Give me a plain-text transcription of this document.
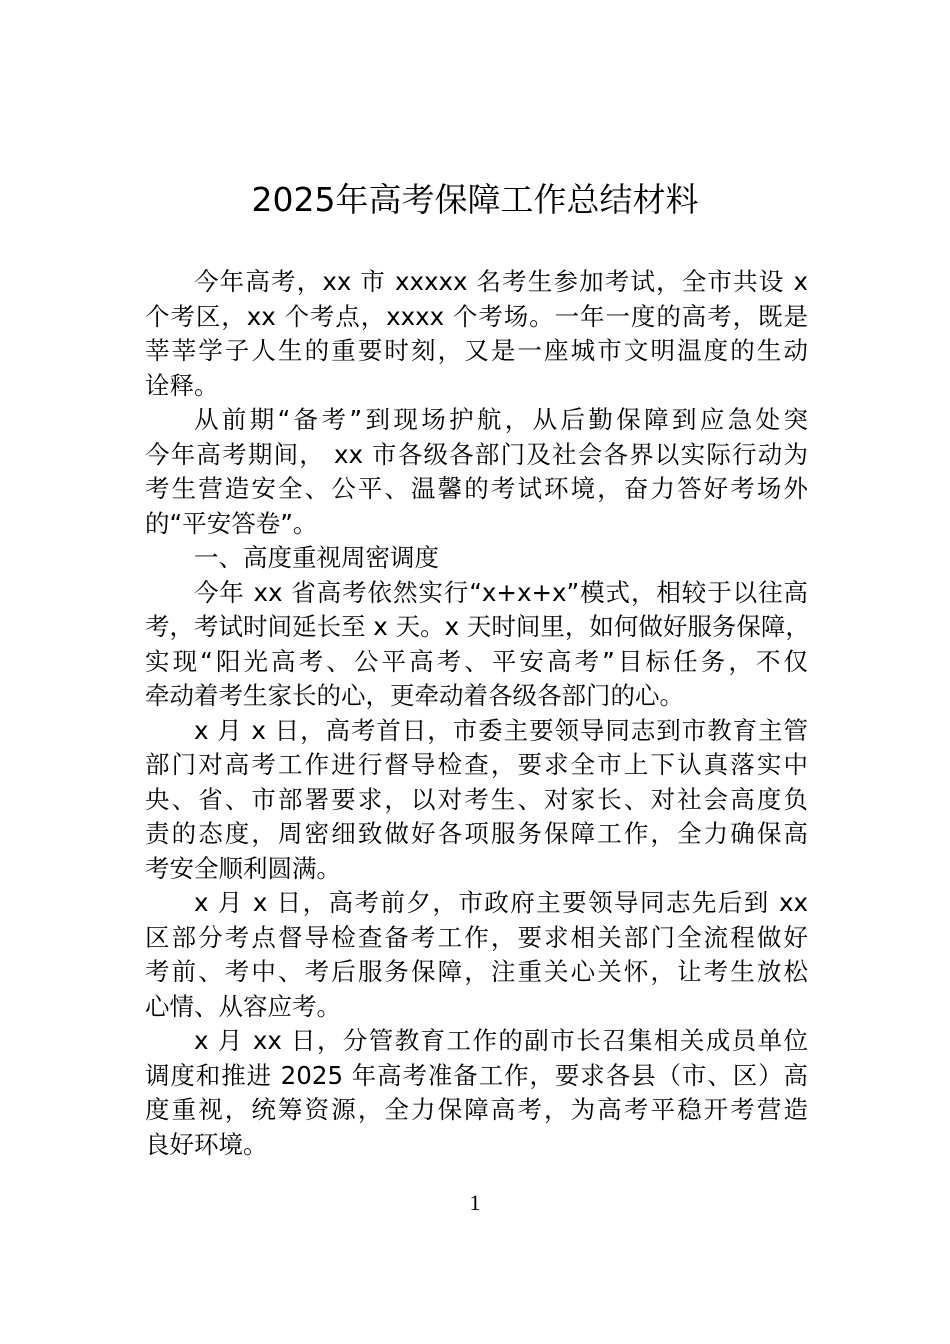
2025年高考保障工作总结材料
今年高考，xx 市 xxxxx 名考生参加考试，全市共设 x
个考区，xx 个考点，xxxx 个考场。一年一度的高考，既是
莘莘学子人生的重要时刻，又是一座城市文明温度的生动
诠释。
从前期“备考”到现场护航，从后勤保障到应急处突
今年高考期间， xx 市各级各部门及社会各界以实际行动为
考生营造安全、公平、温馨的考试环境，奋力答好考场外
的“平安答卷”。
一、高度重视周密调度
今年 xx 省高考依然实行“x+x+x”模式，相较于以往高
考，考试时间延长至 x 天。x 天时间里，如何做好服务保障，
实现“阳光高考、公平高考、平安高考”目标任务，不仅
牵动着考生家长的心，更牵动着各级各部门的心。
x 月 x 日，高考首日，市委主要领导同志到市教育主管
部门对高考工作进行督导检查，要求全市上下认真落实中
央、省、市部署要求，以对考生、对家长、对社会高度负
责的态度，周密细致做好各项服务保障工作，全力确保高
考安全顺利圆满。
x 月 x 日，高考前夕，市政府主要领导同志先后到 xx
区部分考点督导检查备考工作，要求相关部门全流程做好
考前、考中、考后服务保障，注重关心关怀，让考生放松
心情、从容应考。
x 月 xx 日，分管教育工作的副市长召集相关成员单位
调度和推进 2025 年高考准备工作，要求各县（市、区）高
度重视，统筹资源，全力保障高考，为高考平稳开考营造
良好环境。
1
